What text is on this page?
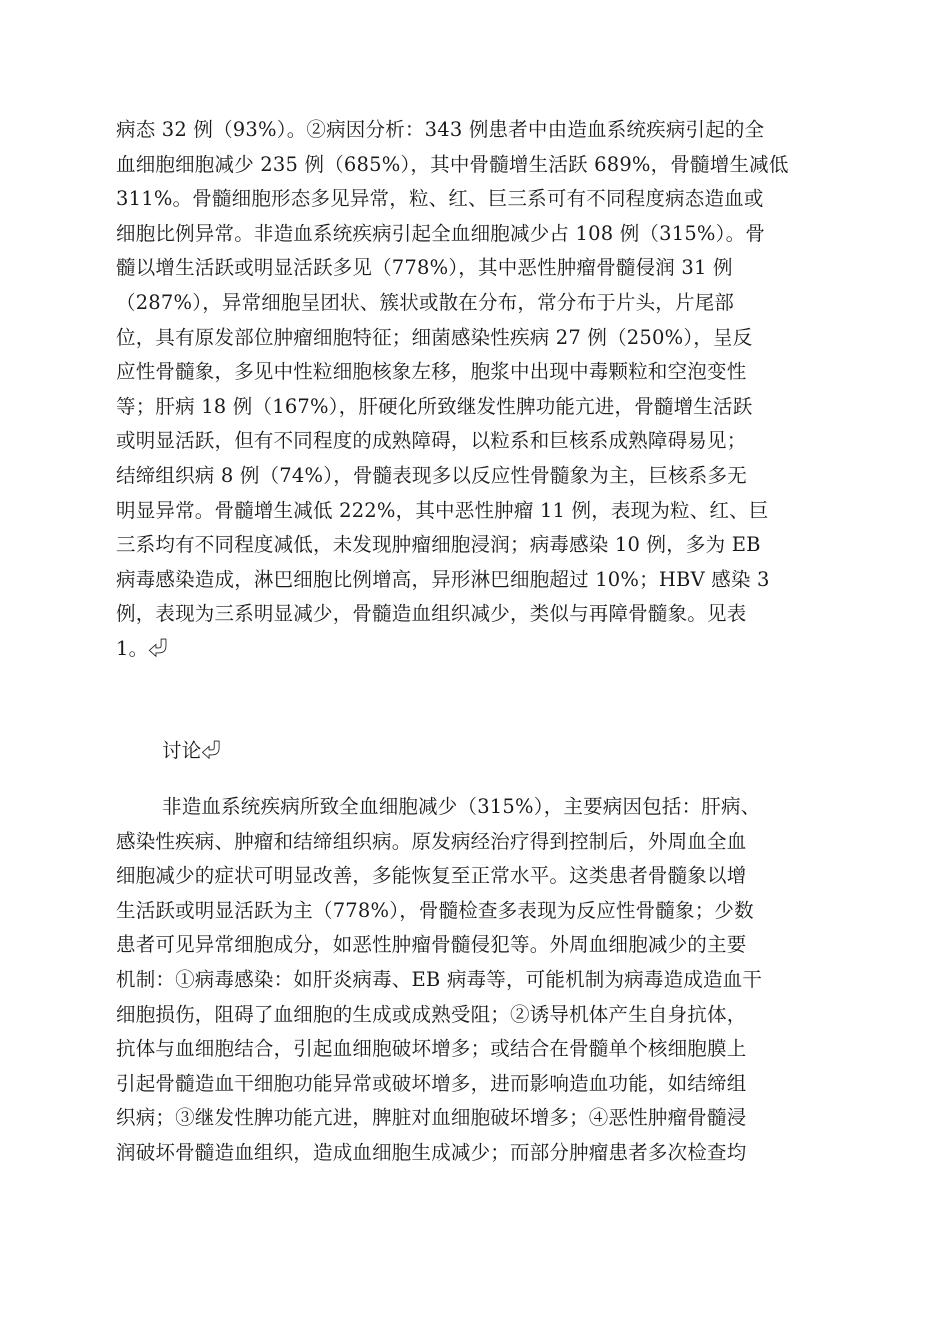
病态 32 例（93%）。②病因分析：343 例患者中由造血系统疾病引起的全
血细胞细胞减少 235 例（685%），其中骨髓增生活跃 689%，骨髓增生减低
311%。骨髓细胞形态多见异常，粒、红、巨三系可有不同程度病态造血或
细胞比例异常。非造血系统疾病引起全血细胞减少占 108 例（315%）。骨
髓以增生活跃或明显活跃多见（778%），其中恶性肿瘤骨髓侵润 31 例
（287%），异常细胞呈团状、簇状或散在分布，常分布于片头，片尾部
位，具有原发部位肿瘤细胞特征；细菌感染性疾病 27 例（250%），呈反
应性骨髓象，多见中性粒细胞核象左移，胞浆中出现中毒颗粒和空泡变性
等；肝病 18 例（167%），肝硬化所致继发性脾功能亢进，骨髓增生活跃
或明显活跃，但有不同程度的成熟障碍，以粒系和巨核系成熟障碍易见；
结缔组织病 8 例（74%），骨髓表现多以反应性骨髓象为主，巨核系多无
明显异常。骨髓增生减低 222%，其中恶性肿瘤 11 例，表现为粒、红、巨
三系均有不同程度减低，未发现肿瘤细胞浸润；病毒感染 10 例，多为 EB
病毒感染造成，淋巴细胞比例增高，异形淋巴细胞超过 10%；HBV 感染 3
例，表现为三系明显减少，骨髓造血组织减少，类似与再障骨髓象。见表
1。⏎

讨论⏎

非造血系统疾病所致全血细胞减少（315%），主要病因包括：肝病、
感染性疾病、肿瘤和结缔组织病。原发病经治疗得到控制后，外周血全血
细胞减少的症状可明显改善，多能恢复至正常水平。这类患者骨髓象以增
生活跃或明显活跃为主（778%），骨髓检查多表现为反应性骨髓象；少数
患者可见异常细胞成分，如恶性肿瘤骨髓侵犯等。外周血细胞减少的主要
机制：①病毒感染：如肝炎病毒、EB 病毒等，可能机制为病毒造成造血干
细胞损伤，阻碍了血细胞的生成或成熟受阻；②诱导机体产生自身抗体，
抗体与血细胞结合，引起血细胞破坏增多；或结合在骨髓单个核细胞膜上
引起骨髓造血干细胞功能异常或破坏增多，进而影响造血功能，如结缔组
织病；③继发性脾功能亢进，脾脏对血细胞破坏增多；④恶性肿瘤骨髓浸
润破坏骨髓造血组织，造成血细胞生成减少；而部分肿瘤患者多次检查均
